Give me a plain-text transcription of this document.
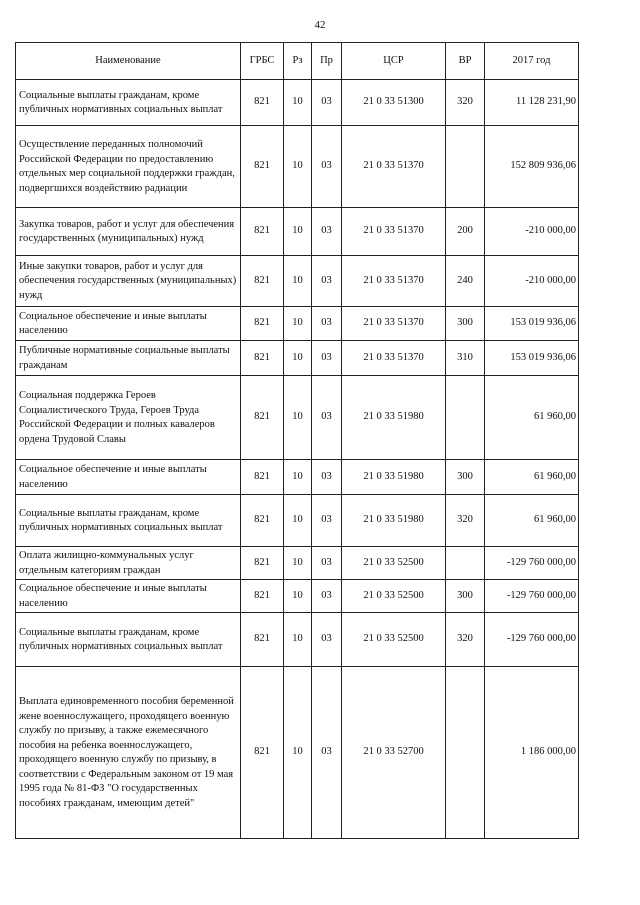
42
Наименование	ГРБС	Рз	Пр	ЦСР	ВР	2017 год
Социальные выплаты гражданам, кроме публичных нормативных социальных выплат	821	10	03	21 0 33 51300	320	11 128 231,90
Осуществление переданных полномочий Российской Федерации по предоставлению отдельных мер социальной поддержки граждан, подвергшихся воздействию радиации	821	10	03	21 0 33 51370		152 809 936,06
Закупка товаров, работ и услуг для обеспечения государственных (муниципальных) нужд	821	10	03	21 0 33 51370	200	-210 000,00
Иные закупки товаров, работ и услуг для обеспечения государственных (муниципальных) нужд	821	10	03	21 0 33 51370	240	-210 000,00
Социальное обеспечение и иные выплаты населению	821	10	03	21 0 33 51370	300	153 019 936,06
Публичные нормативные социальные выплаты гражданам	821	10	03	21 0 33 51370	310	153 019 936,06
Социальная поддержка Героев Социалистического Труда, Героев Труда Российской Федерации и полных кавалеров ордена Трудовой Славы	821	10	03	21 0 33 51980		61 960,00
Социальное обеспечение и иные выплаты населению	821	10	03	21 0 33 51980	300	61 960,00
Социальные выплаты гражданам, кроме публичных нормативных социальных выплат	821	10	03	21 0 33 51980	320	61 960,00
Оплата жилищно-коммунальных услуг отдельным категориям граждан	821	10	03	21 0 33 52500		-129 760 000,00
Социальное обеспечение и иные выплаты населению	821	10	03	21 0 33 52500	300	-129 760 000,00
Социальные выплаты гражданам, кроме публичных нормативных социальных выплат	821	10	03	21 0 33 52500	320	-129 760 000,00
Выплата единовременного пособия беременной жене военнослужащего, проходящего военную службу по призыву, а также ежемесячного пособия на ребенка военнослужащего, проходящего военную службу по призыву, в соответствии с Федеральным законом от 19 мая 1995 года № 81-ФЗ "О государственных пособиях гражданам, имеющим детей"	821	10	03	21 0 33 52700		1 186 000,00
